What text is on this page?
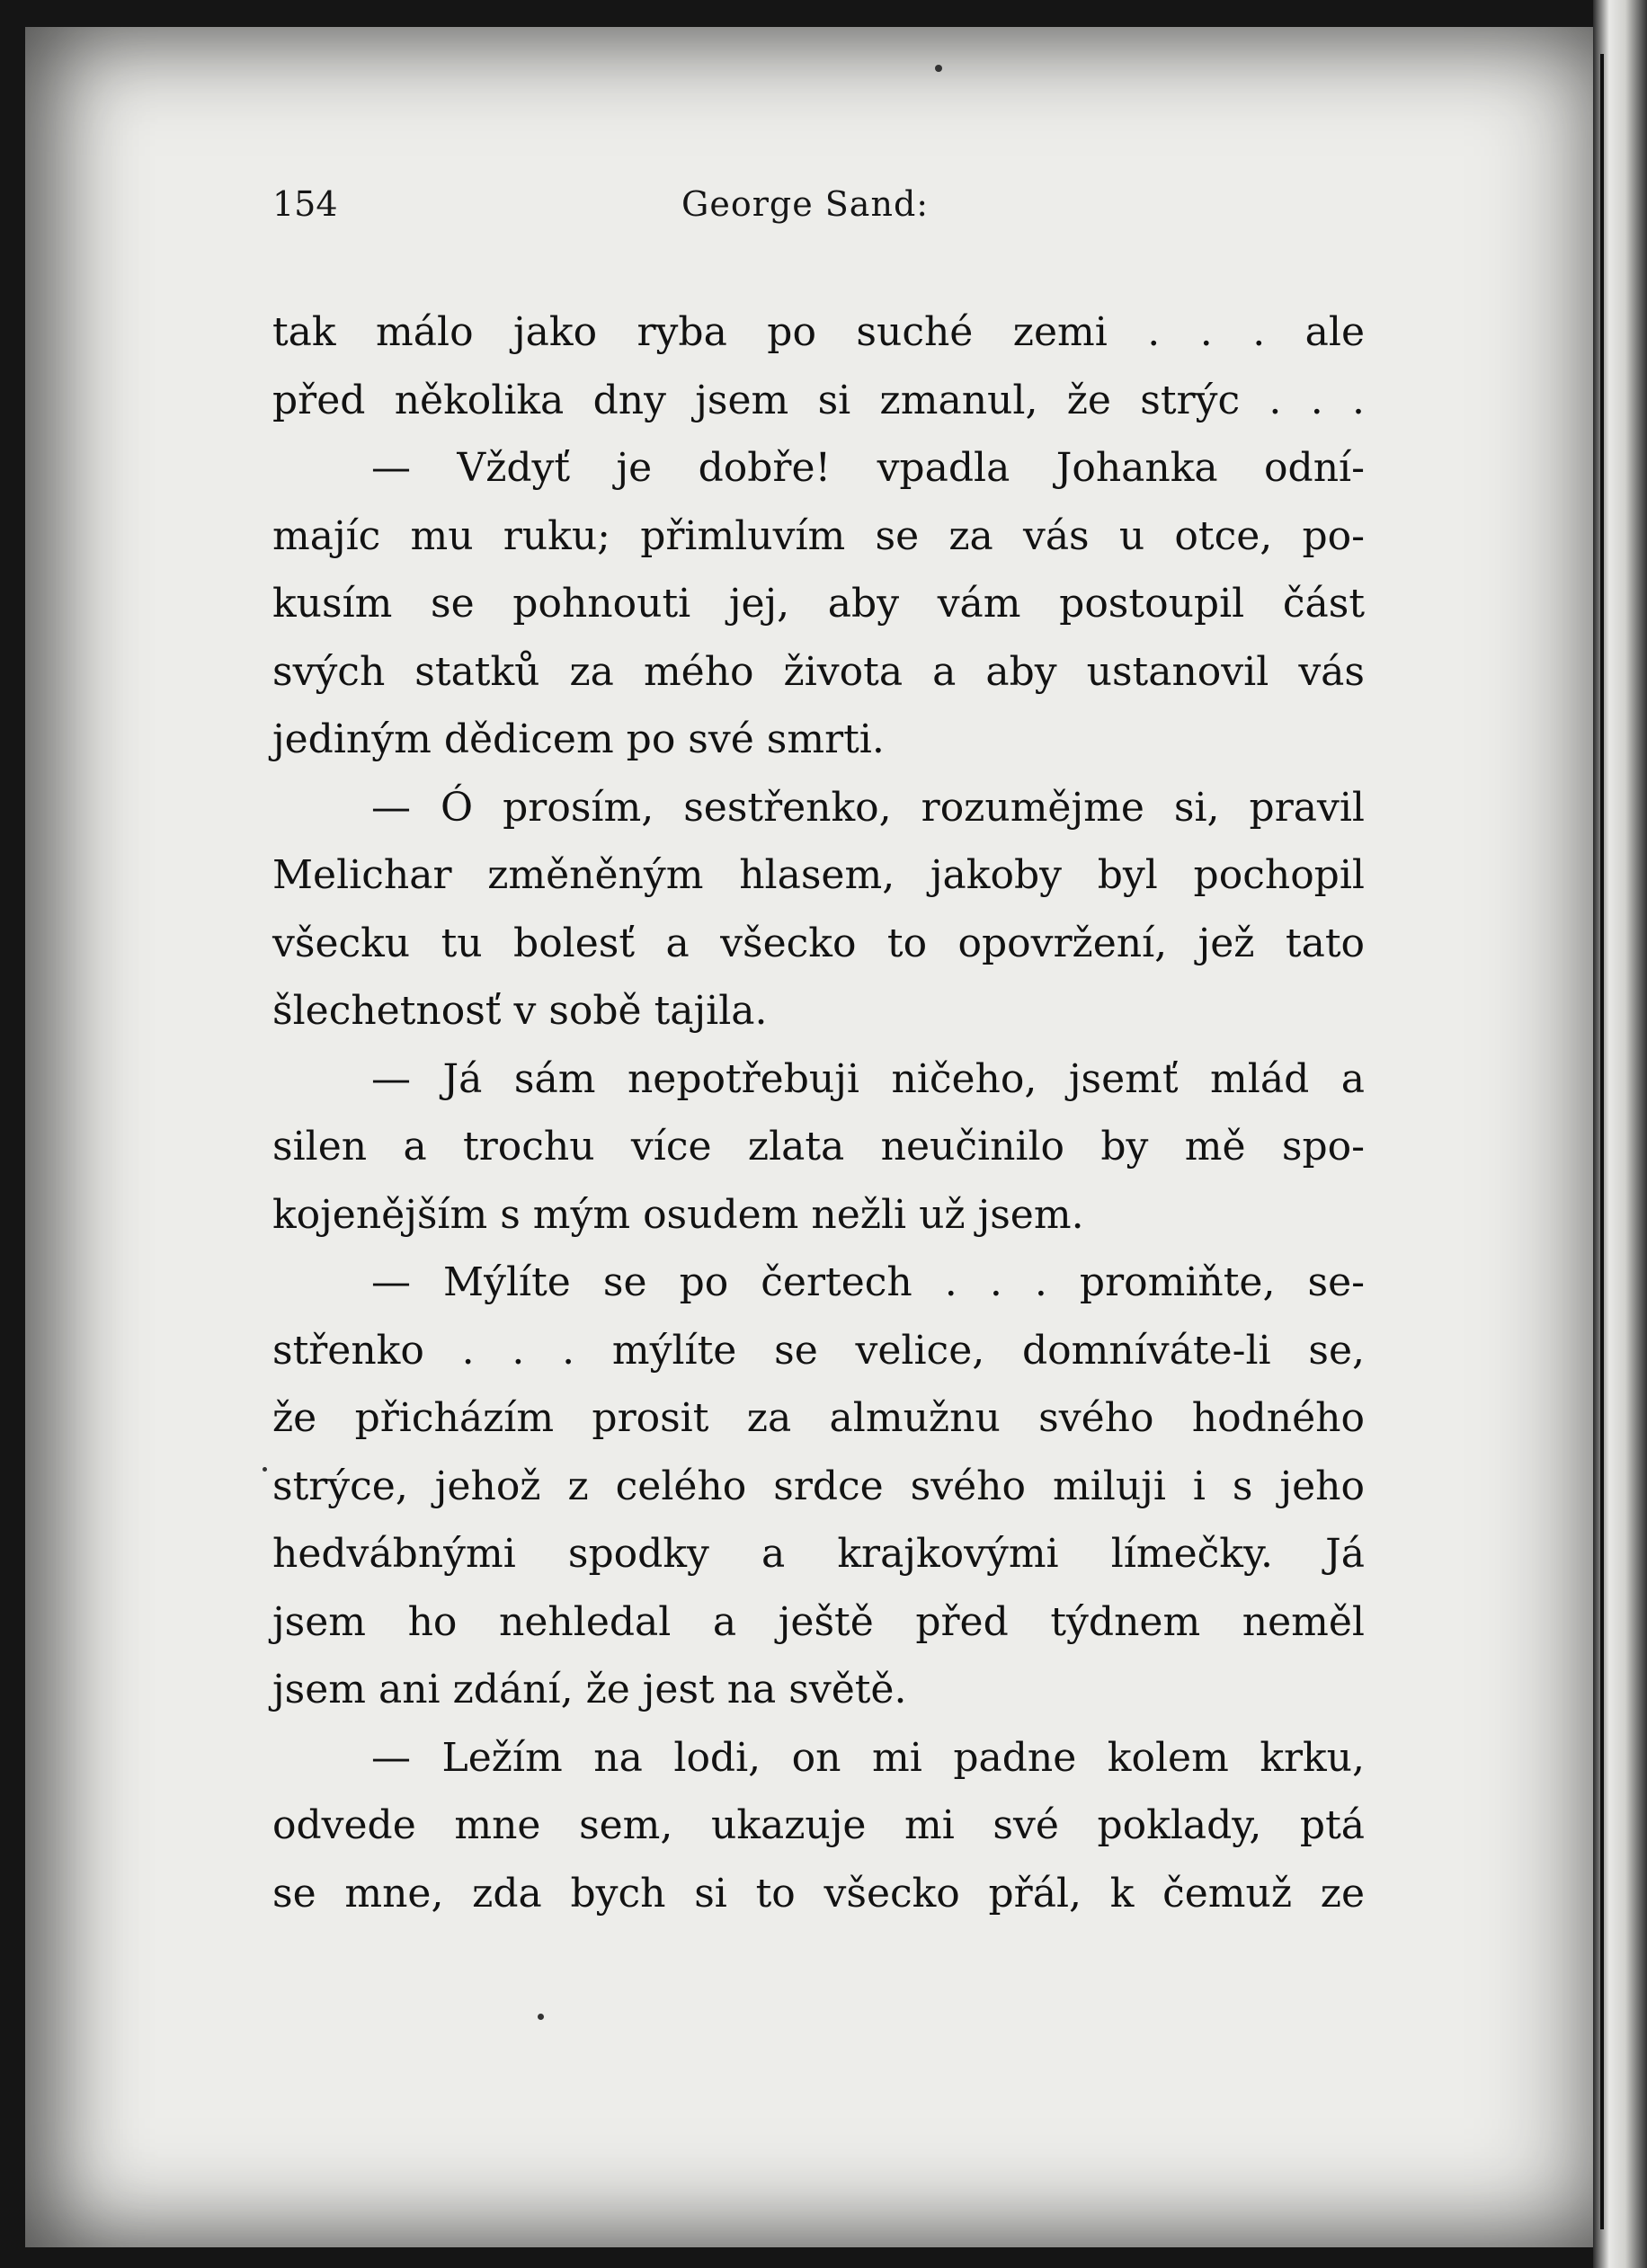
154	George Sand:
tak málo jako ryba po suché zemi . . . ale
před několika dny jsem si zmanul, že strýc . . .
— Vždyť je dobře! vpadla Johanka odní-
majíc mu ruku; přimluvím se za vás u otce, po-
kusím se pohnouti jej, aby vám postoupil část
svých statků za mého života a aby ustanovil vás
jediným dědicem po své smrti.
— Ó prosím, sestřenko, rozumějme si, pravil
Melichar změněným hlasem, jakoby byl pochopil
všecku tu bolesť a všecko to opovržení, jež tato
šlechetnosť v sobě tajila.
— Já sám nepotřebuji ničeho, jsemť mlád a
silen a trochu více zlata neučinilo by mě spo-
kojenějším s mým osudem nežli už jsem.
— Mýlíte se po čertech . . . promiňte, se-
střenko . . . mýlíte se velice, domníváte-li se,
že přicházím prosit za almužnu svého hodného
strýce, jehož z celého srdce svého miluji i s jeho
hedvábnými spodky a krajkovými límečky. Já
jsem ho nehledal a ještě před týdnem neměl
jsem ani zdání, že jest na světě.
— Ležím na lodi, on mi padne kolem krku,
odvede mne sem, ukazuje mi své poklady, ptá
se mne, zda bych si to všecko přál, k čemuž ze
